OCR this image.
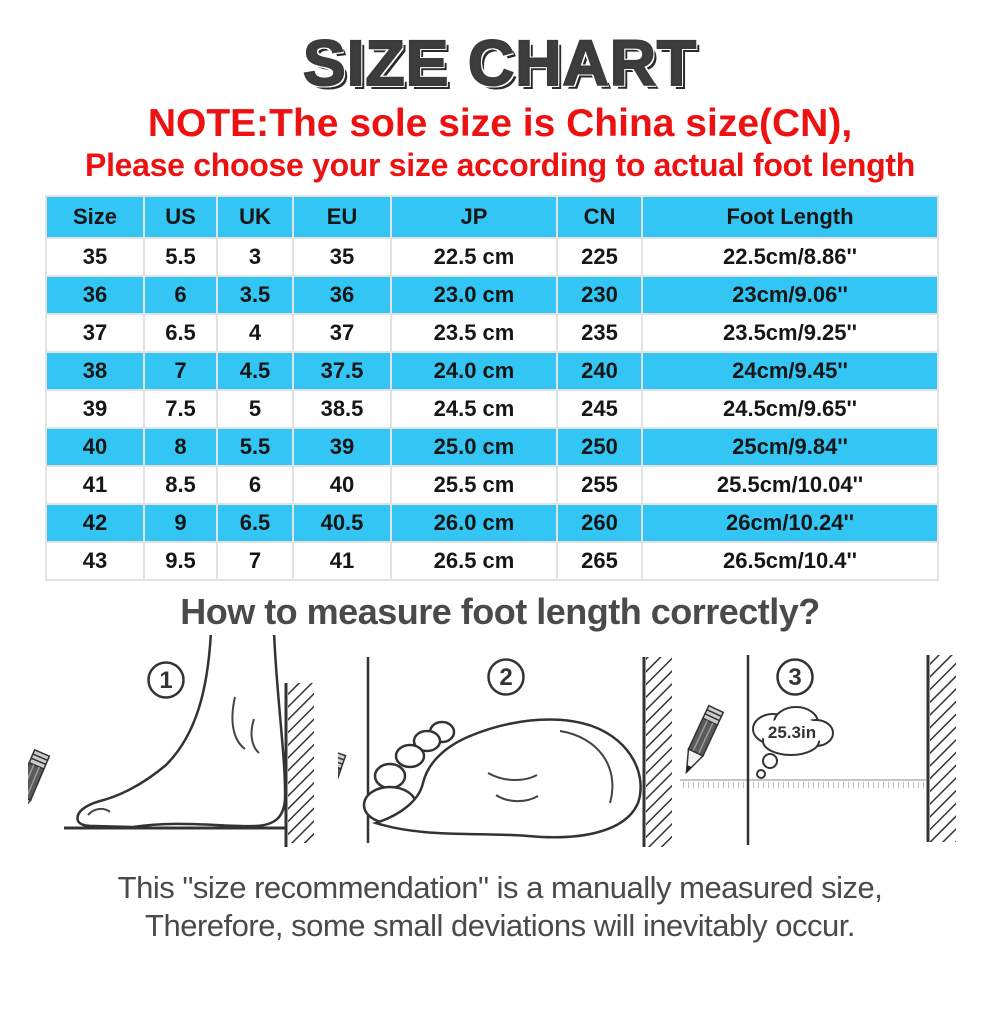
SIZE CHART
NOTE:The sole size is China size(CN),
Please choose your size according to actual foot length
Size	US	UK	EU	JP	CN	Foot Length
35	5.5	3	35	22.5 cm	225	22.5cm/8.86''
36	6	3.5	36	23.0 cm	230	23cm/9.06''
37	6.5	4	37	23.5 cm	235	23.5cm/9.25''
38	7	4.5	37.5	24.0 cm	240	24cm/9.45''
39	7.5	5	38.5	24.5 cm	245	24.5cm/9.65''
40	8	5.5	39	25.0 cm	250	25cm/9.84''
41	8.5	6	40	25.5 cm	255	25.5cm/10.04''
42	9	6.5	40.5	26.0 cm	260	26cm/10.24''
43	9.5	7	41	26.5 cm	265	26.5cm/10.4''
How to measure foot length correctly?
1	2
25.3in
3
This "size recommendation" is a manually measured size,
Therefore, some small deviations will inevitably occur.
